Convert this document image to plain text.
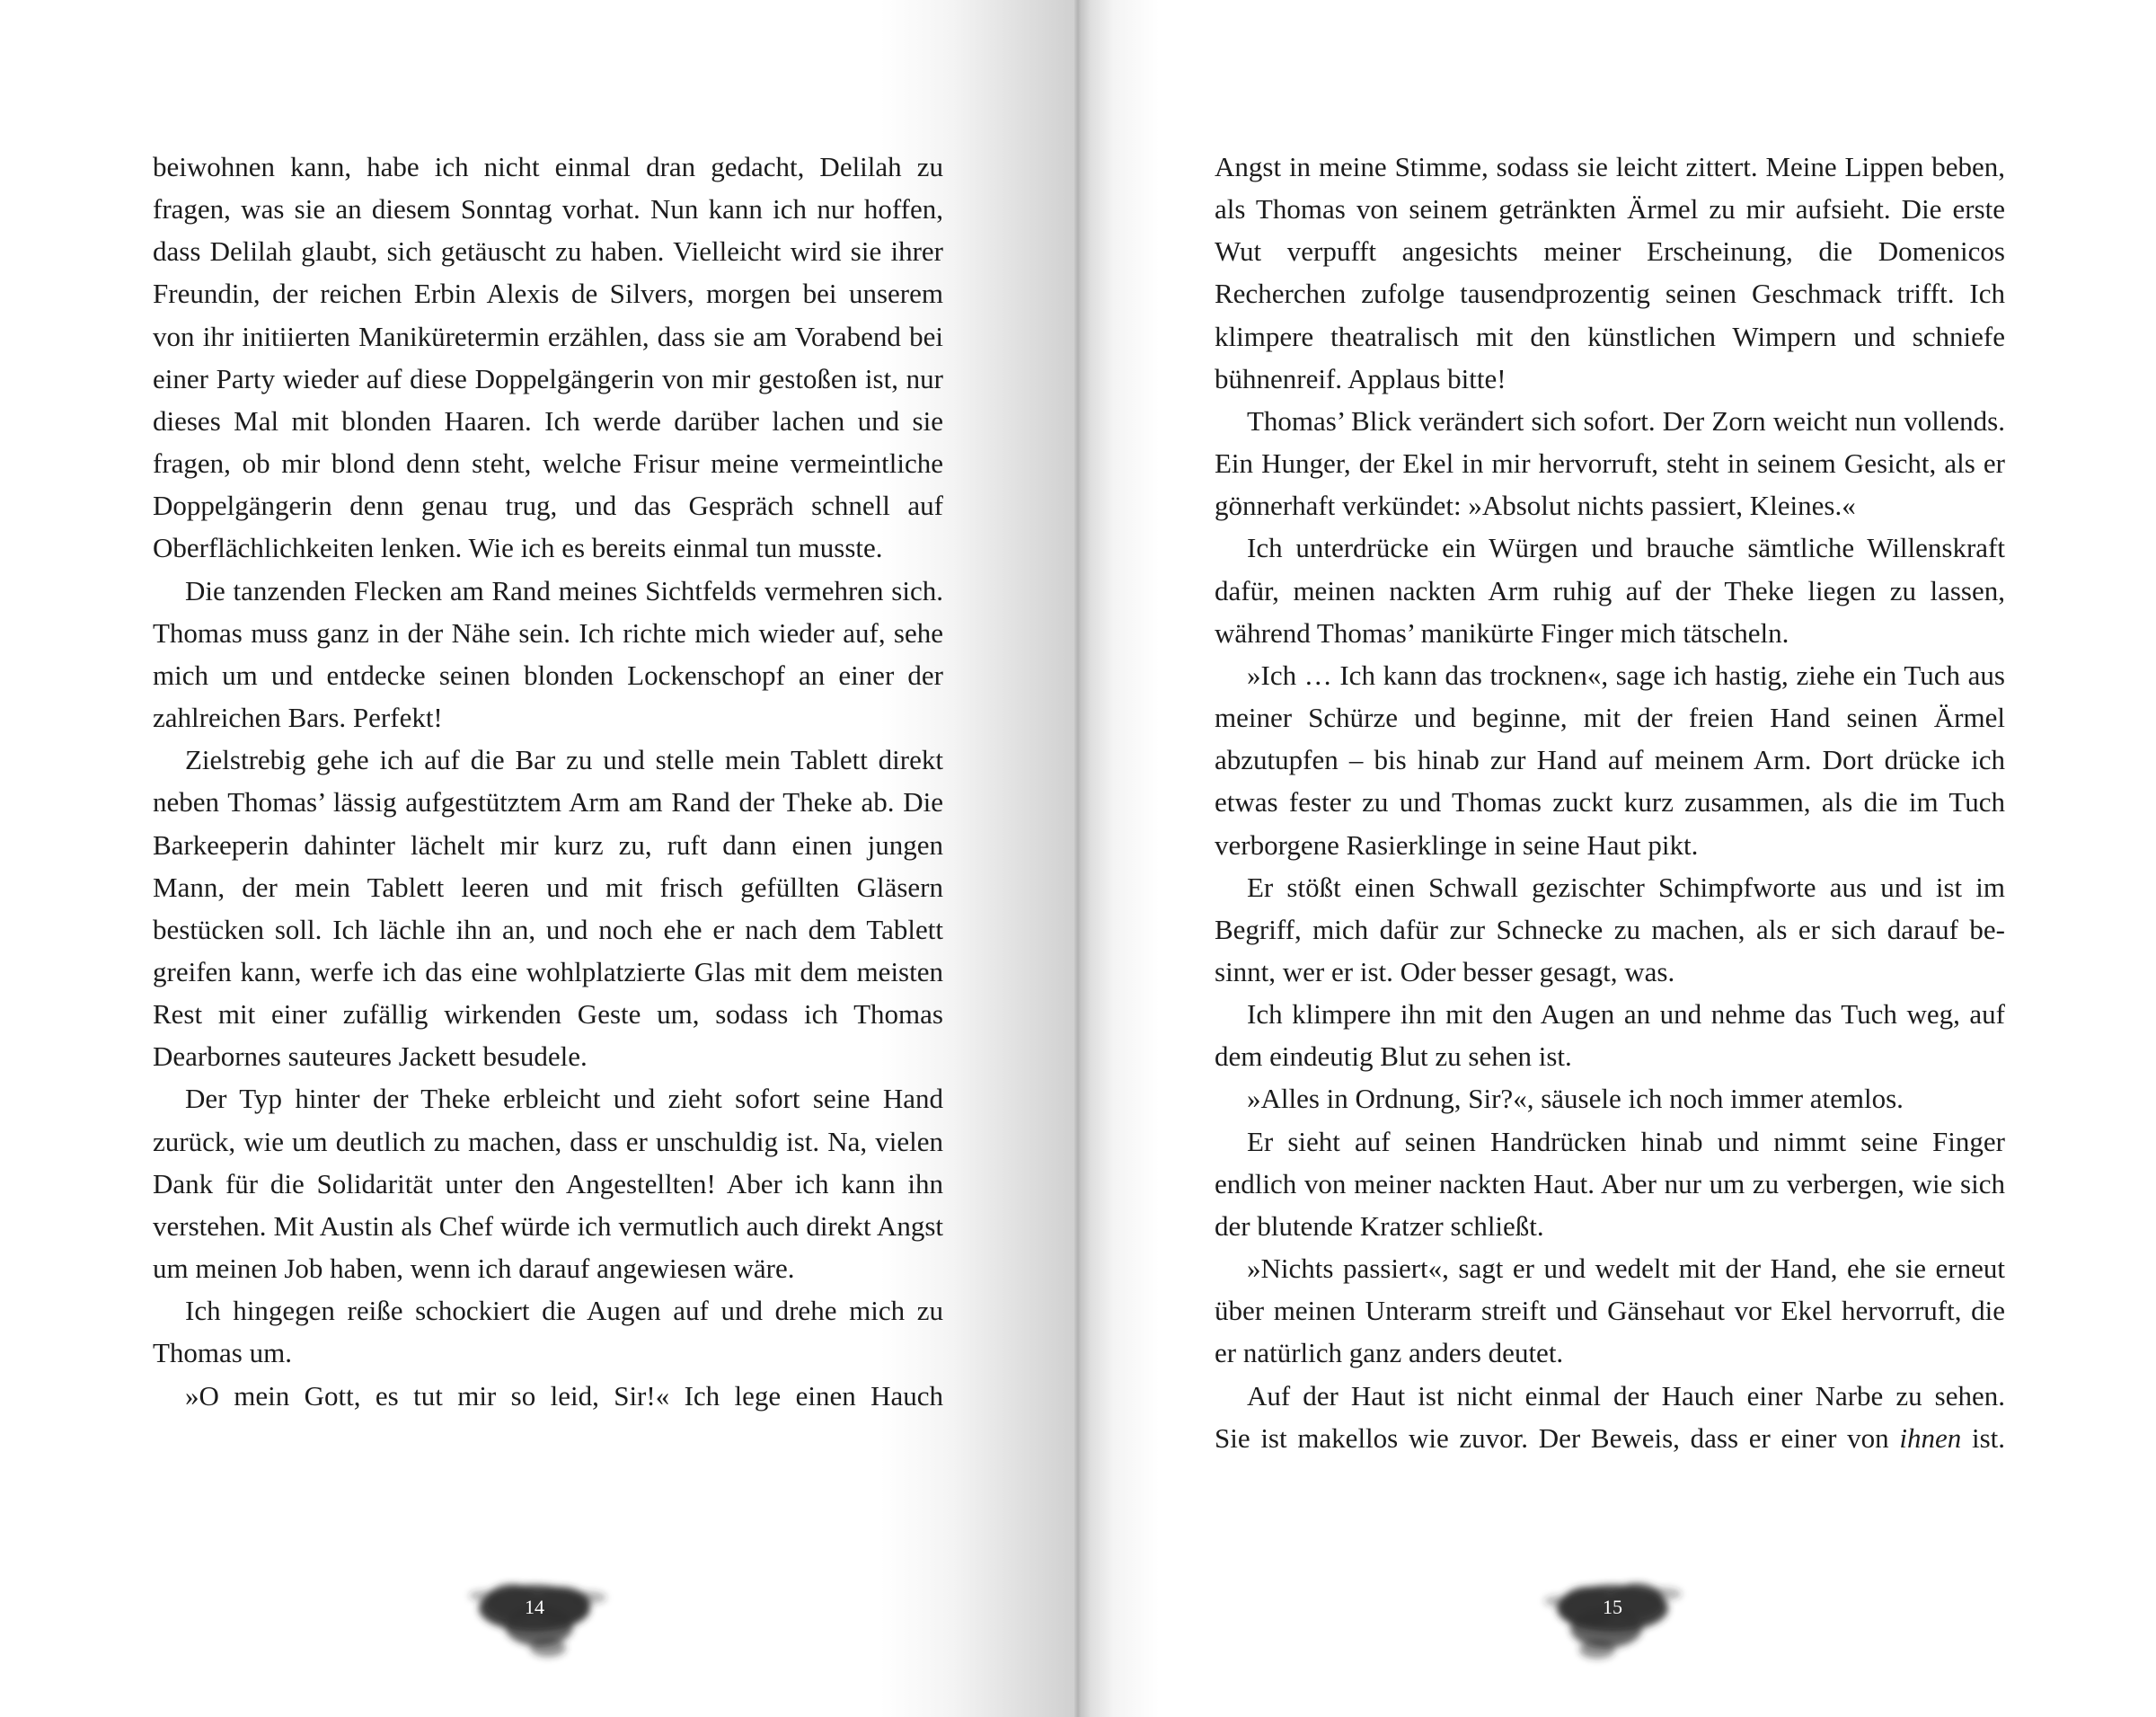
beiwohnen kann, habe ich nicht einmal dran gedacht, Delilah zu fragen, was sie an diesem Sonntag vorhat. Nun kann ich nur hoffen, dass Delilah glaubt, sich getäuscht zu haben. Vielleicht wird sie ihrer Freundin, der reichen Erbin Alexis de Silvers, morgen bei unserem von ihr initiierten Maniküretermin erzählen, dass sie am Vorabend bei einer Party wieder auf diese Doppelgängerin von mir gestoßen ist, nur dieses Mal mit blonden Haaren. Ich werde darüber lachen und sie fragen, ob mir blond denn steht, welche Frisur meine vermeintliche Doppelgängerin denn genau trug, und das Gespräch schnell auf Oberflächlichkeiten lenken. Wie ich es bereits einmal tun musste.

Die tanzenden Flecken am Rand meines Sichtfelds vermehren sich. Thomas muss ganz in der Nähe sein. Ich richte mich wieder auf, sehe mich um und entdecke seinen blonden Lockenschopf an einer der zahlreichen Bars. Perfekt!

Zielstrebig gehe ich auf die Bar zu und stelle mein Tablett direkt neben Thomas’ lässig aufgestütztem Arm am Rand der Theke ab. Die Barkeeperin dahinter lächelt mir kurz zu, ruft dann einen jungen Mann, der mein Tablett leeren und mit frisch gefüllten Gläsern bestücken soll. Ich lächle ihn an, und noch ehe er nach dem Tablett greifen kann, werfe ich das eine wohlplatzierte Glas mit dem meisten Rest mit einer zufällig wirkenden Geste um, sodass ich Thomas Dearbornes sauteures Jackett besudele.

Der Typ hinter der Theke erbleicht und zieht sofort seine Hand zurück, wie um deutlich zu machen, dass er unschuldig ist. Na, vielen Dank für die Solidarität unter den Angestellten! Aber ich kann ihn verstehen. Mit Austin als Chef würde ich vermutlich auch direkt Angst um meinen Job haben, wenn ich darauf angewiesen wäre.

Ich hingegen reiße schockiert die Augen auf und drehe mich zu Thomas um.

»O mein Gott, es tut mir so leid, Sir!« Ich lege einen Hauch

14

Angst in meine Stimme, sodass sie leicht zittert. Meine Lippen beben, als Thomas von seinem getränkten Ärmel zu mir aufsieht. Die erste Wut verpufft angesichts meiner Erscheinung, die Domenicos Recherchen zufolge tausendprozentig seinen Geschmack trifft. Ich klimpere theatralisch mit den künstlichen Wimpern und schniefe bühnenreif. Applaus bitte!

Thomas’ Blick verändert sich sofort. Der Zorn weicht nun vollends. Ein Hunger, der Ekel in mir hervorruft, steht in seinem Gesicht, als er gönnerhaft verkündet: »Absolut nichts passiert, Kleines.«

Ich unterdrücke ein Würgen und brauche sämtliche Willenskraft dafür, meinen nackten Arm ruhig auf der Theke liegen zu lassen, während Thomas’ manikürte Finger mich tätscheln.

»Ich … Ich kann das trocknen«, sage ich hastig, ziehe ein Tuch aus meiner Schürze und beginne, mit der freien Hand seinen Ärmel abzutupfen – bis hinab zur Hand auf meinem Arm. Dort drücke ich etwas fester zu und Thomas zuckt kurz zusammen, als die im Tuch verborgene Rasierklinge in seine Haut pikt.

Er stößt einen Schwall gezischter Schimpfworte aus und ist im Begriff, mich dafür zur Schnecke zu machen, als er sich darauf besinnt, wer er ist. Oder besser gesagt, was.

Ich klimpere ihn mit den Augen an und nehme das Tuch weg, auf dem eindeutig Blut zu sehen ist.

»Alles in Ordnung, Sir?«, säusele ich noch immer atemlos.

Er sieht auf seinen Handrücken hinab und nimmt seine Finger endlich von meiner nackten Haut. Aber nur um zu verbergen, wie sich der blutende Kratzer schließt.

»Nichts passiert«, sagt er und wedelt mit der Hand, ehe sie erneut über meinen Unterarm streift und Gänsehaut vor Ekel hervorruft, die er natürlich ganz anders deutet.

Auf der Haut ist nicht einmal der Hauch einer Narbe zu sehen.

Sie ist makellos wie zuvor. Der Beweis, dass er einer von ihnen ist.

15
